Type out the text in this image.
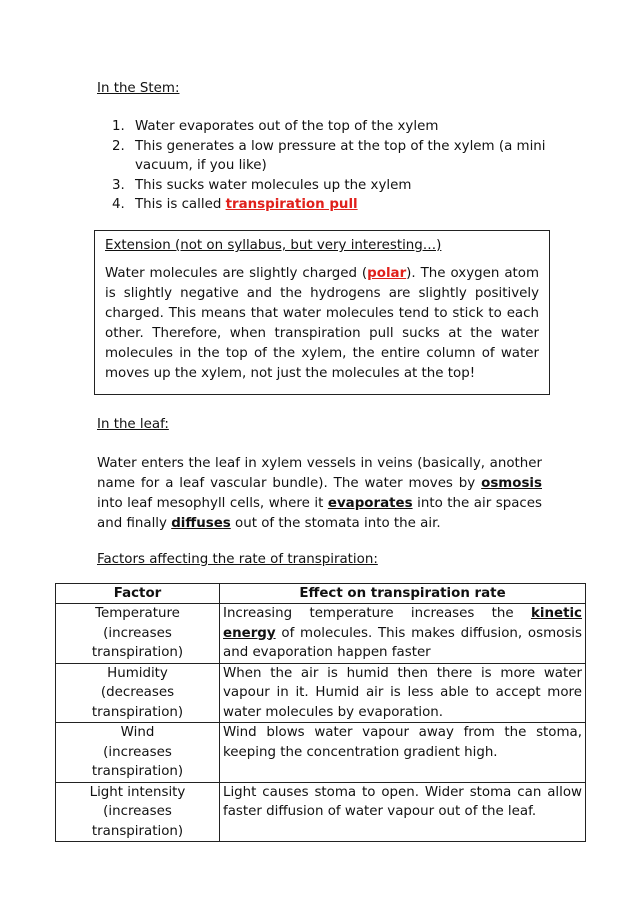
In the Stem:
1. Water evaporates out of the top of the xylem
2. This generates a low pressure at the top of the xylem (a mini vacuum, if you like)
3. This sucks water molecules up the xylem
4. This is called transpiration pull
Extension (not on syllabus, but very interesting…)

Water molecules are slightly charged (polar). The oxygen atom is slightly negative and the hydrogens are slightly positively charged. This means that water molecules tend to stick to each other. Therefore, when transpiration pull sucks at the water molecules in the top of the xylem, the entire column of water moves up the xylem, not just the molecules at the top!

In the leaf:

Water enters the leaf in xylem vessels in veins (basically, another name for a leaf vascular bundle). The water moves by osmosis into leaf mesophyll cells, where it evaporates into the air spaces and finally diffuses out of the stomata into the air.

Factors affecting the rate of transpiration:
Factor	Effect on transpiration rate
Temperature
(increases transpiration)	Increasing temperature increases the kinetic energy of molecules. This makes diffusion, osmosis and evaporation happen faster
Humidity
(decreases transpiration)	When the air is humid then there is more water vapour in it. Humid air is less able to accept more water molecules by evaporation.
Wind
(increases transpiration)	Wind blows water vapour away from the stoma, keeping the concentration gradient high.
Light intensity
(increases transpiration)	Light causes stoma to open. Wider stoma can allow faster diffusion of water vapour out of the leaf.
